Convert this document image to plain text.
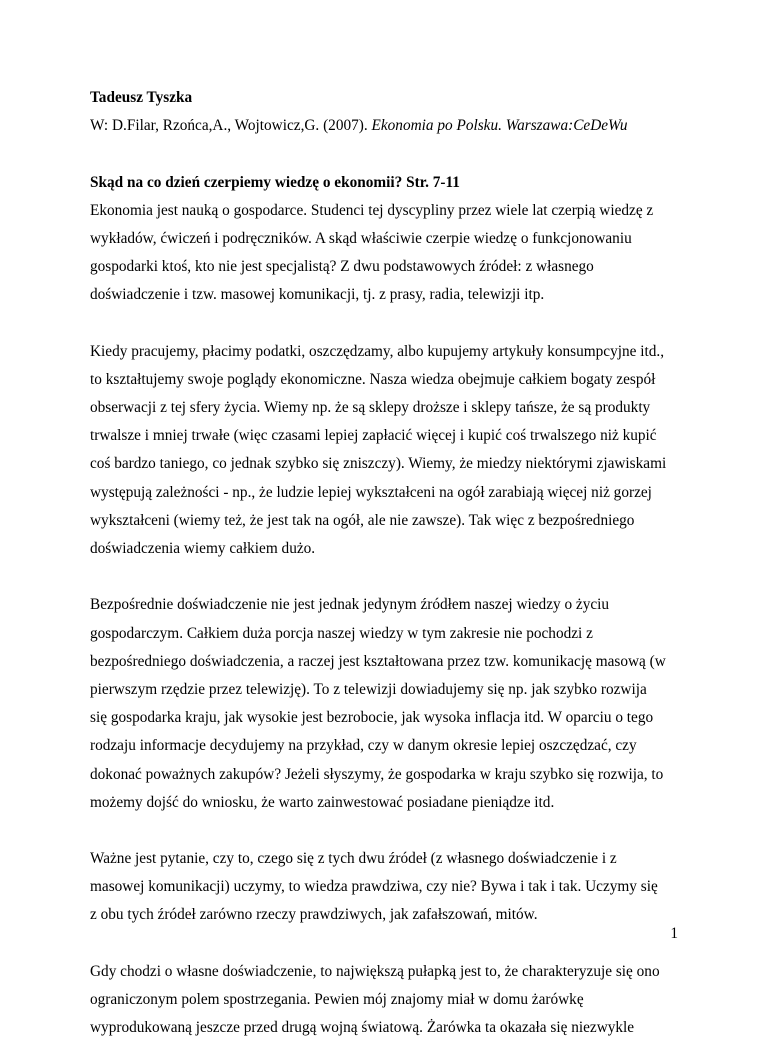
Tadeusz Tyszka
W: D.Filar, Rzońca,A., Wojtowicz,G. (2007). Ekonomia po Polsku. Warszawa:CeDeWu
Skąd na co dzień czerpiemy wiedzę o ekonomii? Str. 7-11
Ekonomia jest nauką o gospodarce. Studenci tej dyscypliny przez wiele lat czerpią wiedzę z
wykładów, ćwiczeń i podręczników. A skąd właściwie czerpie wiedzę o funkcjonowaniu
gospodarki ktoś, kto nie jest specjalistą? Z dwu podstawowych źródeł: z własnego
doświadczenie i tzw. masowej komunikacji, tj. z prasy, radia, telewizji itp.
Kiedy pracujemy, płacimy podatki, oszczędzamy, albo kupujemy artykuły konsumpcyjne itd.,
to kształtujemy swoje poglądy ekonomiczne. Nasza wiedza obejmuje całkiem bogaty zespół
obserwacji z tej sfery życia. Wiemy np. że są sklepy droższe i sklepy tańsze, że są produkty
trwalsze i mniej trwałe (więc czasami lepiej zapłacić więcej i kupić coś trwalszego niż kupić
coś bardzo taniego, co jednak szybko się zniszczy). Wiemy, że miedzy niektórymi zjawiskami
występują zależności - np., że ludzie lepiej wykształceni na ogół zarabiają więcej niż gorzej
wykształceni (wiemy też, że jest tak na ogół, ale nie zawsze). Tak więc z bezpośredniego
doświadczenia wiemy całkiem dużo.
Bezpośrednie doświadczenie nie jest jednak jedynym źródłem naszej wiedzy o życiu
gospodarczym. Całkiem duża porcja naszej wiedzy w tym zakresie nie pochodzi z
bezpośredniego doświadczenia, a raczej jest kształtowana przez tzw. komunikację masową (w
pierwszym rzędzie przez telewizję). To z telewizji dowiadujemy się np. jak szybko rozwija
się gospodarka kraju, jak wysokie jest bezrobocie, jak wysoka inflacja itd. W oparciu o tego
rodzaju informacje decydujemy na przykład, czy w danym okresie lepiej oszczędzać, czy
dokonać poważnych zakupów? Jeżeli słyszymy, że gospodarka w kraju szybko się rozwija, to
możemy dojść do wniosku, że warto zainwestować posiadane pieniądze itd.
Ważne jest pytanie, czy to, czego się z tych dwu źródeł (z własnego doświadczenie i z
masowej komunikacji) uczymy, to wiedza prawdziwa, czy nie? Bywa i tak i tak. Uczymy się
z obu tych źródeł zarówno rzeczy prawdziwych, jak zafałszowań, mitów.
Gdy chodzi o własne doświadczenie, to największą pułapką jest to, że charakteryzuje się ono
ograniczonym polem spostrzegania. Pewien mój znajomy miał w domu żarówkę
wyprodukowaną jeszcze przed drugą wojną światową. Żarówka ta okazała się niezwykle
1
